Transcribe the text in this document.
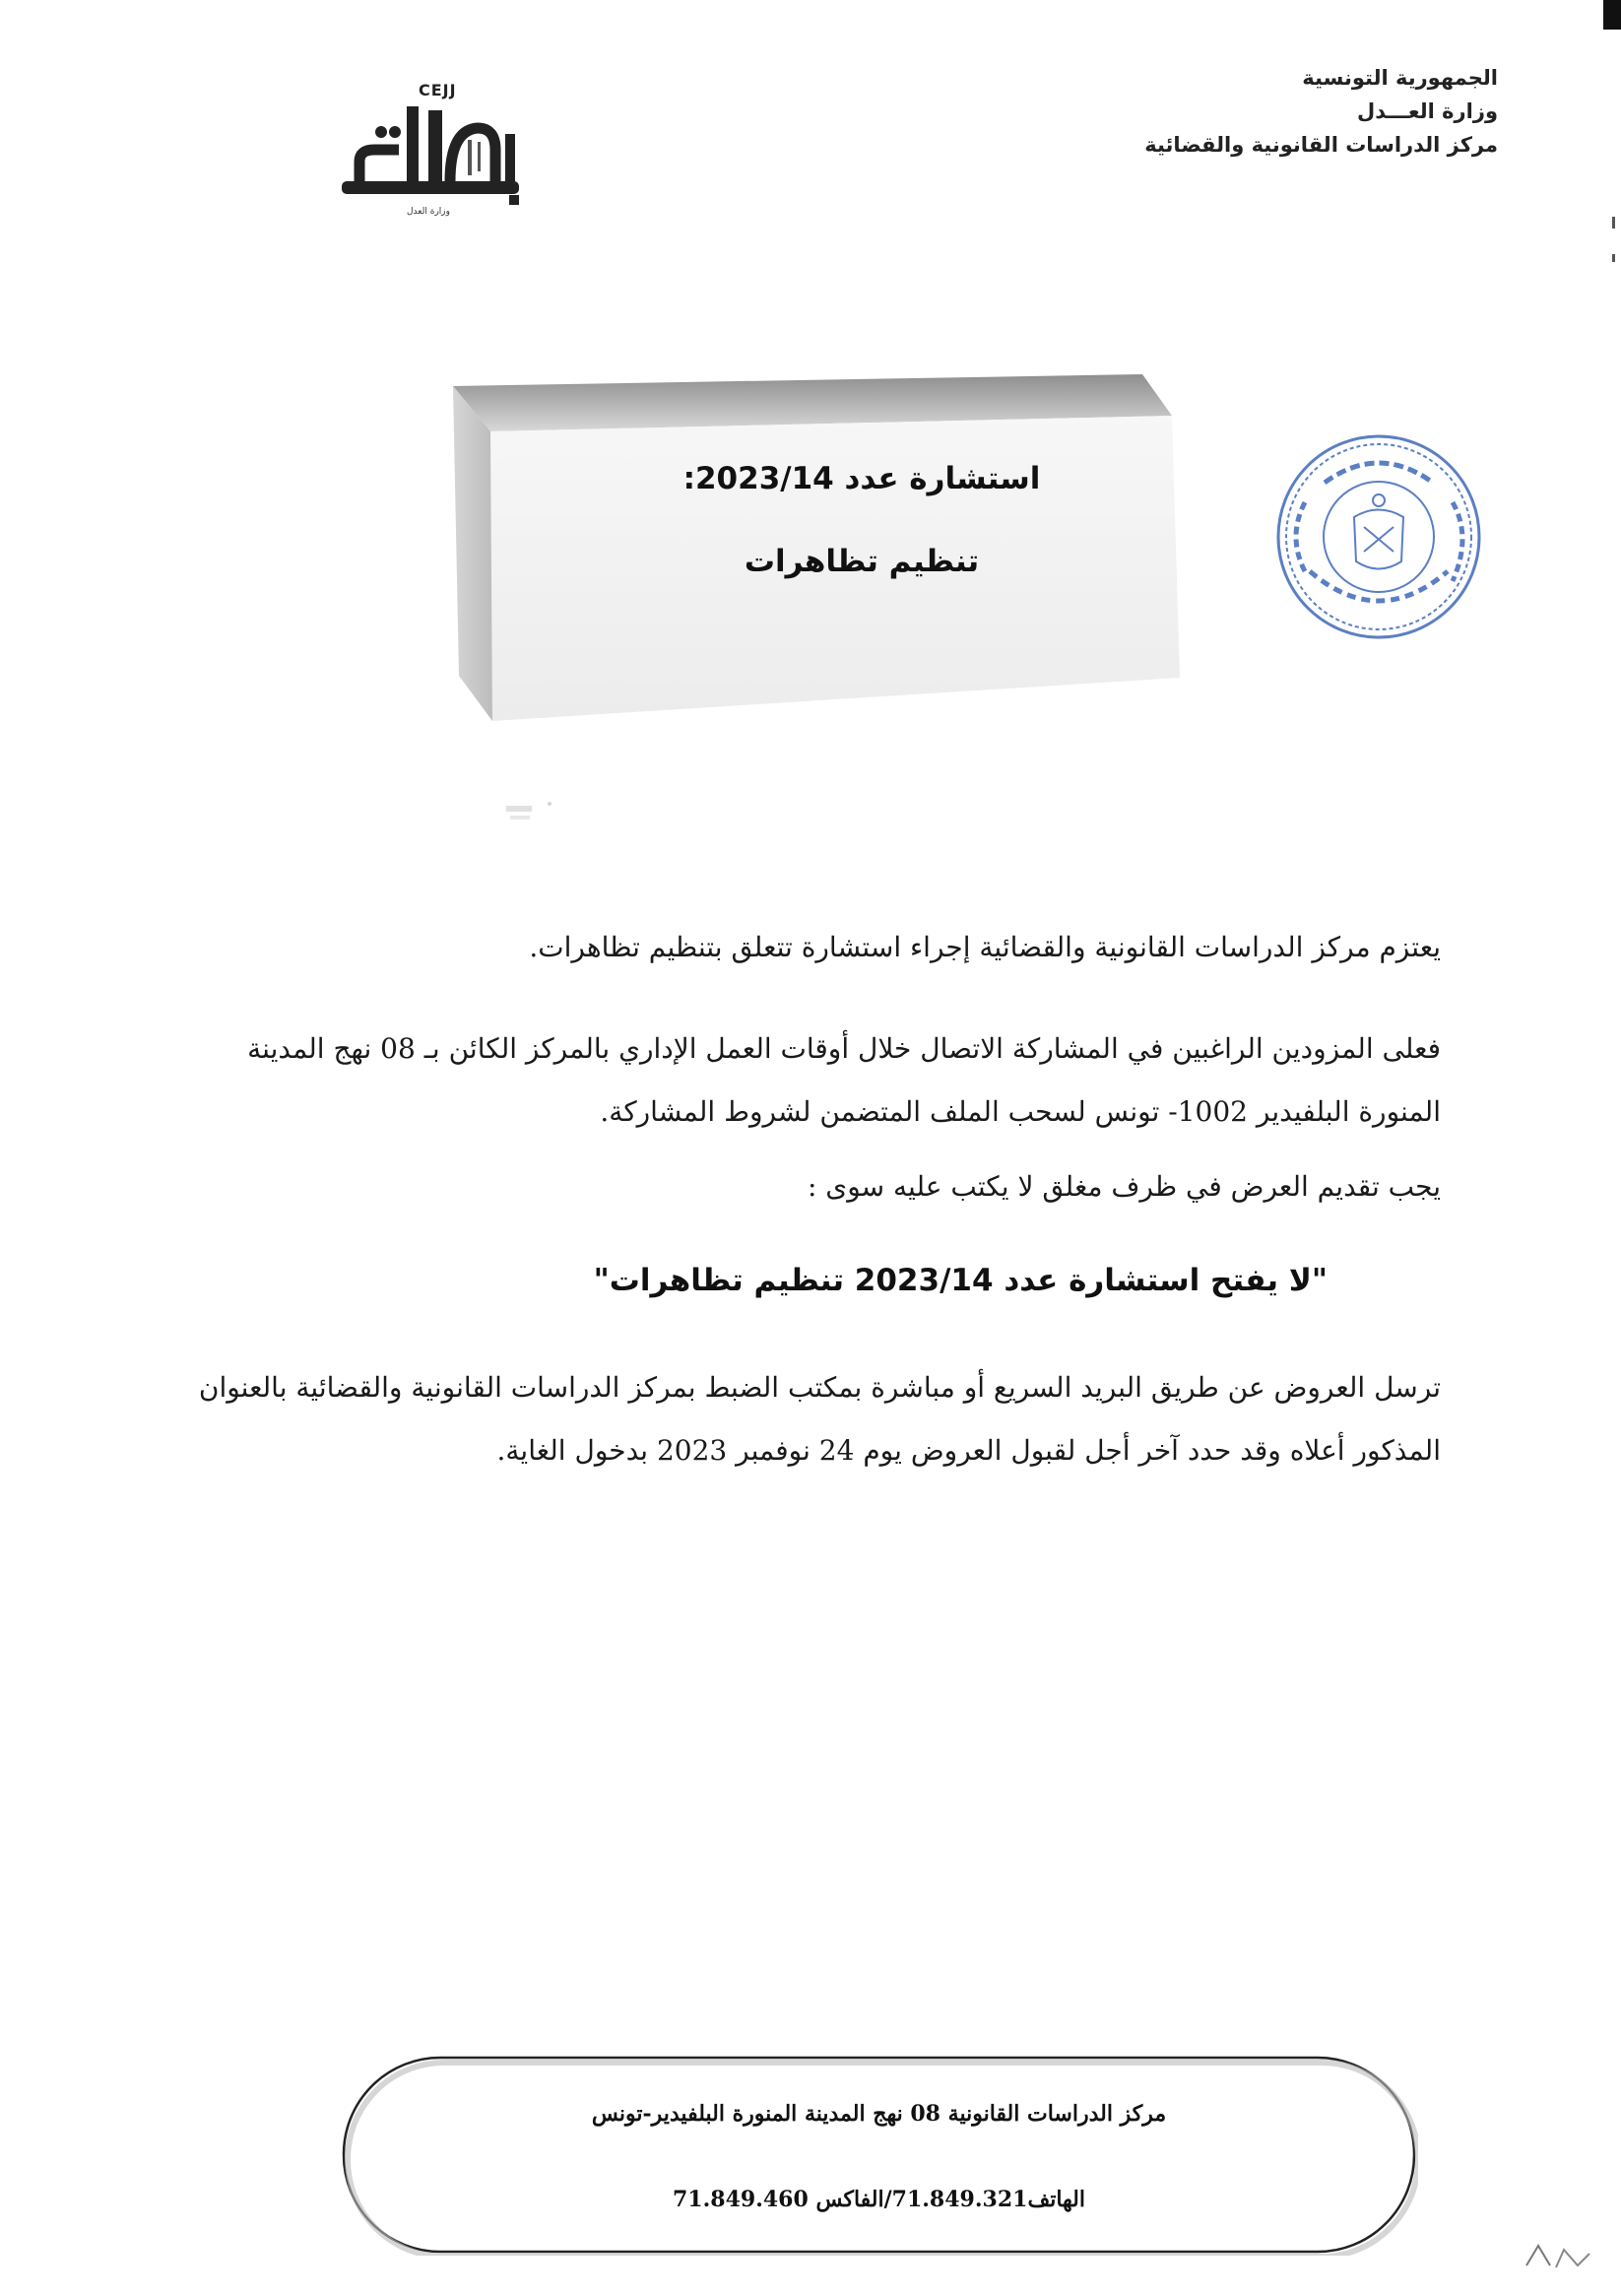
الجمهورية التونسية
وزارة العـــدل
مركز الدراسات القانونية والقضائية
CEJJ
وزارة العدل
استشارة عدد 2023/14:
تنظيم تظاهرات
يعتزم مركز الدراسات القانونية والقضائية إجراء استشارة تتعلق بتنظيم تظاهرات.
فعلى المزودين الراغبين في المشاركة الاتصال خلال أوقات العمل الإداري بالمركز الكائن بـ 08 نهج المدينة المنورة البلفيدير 1002- تونس لسحب الملف المتضمن لشروط المشاركة.
يجب تقديم العرض في ظرف مغلق لا يكتب عليه سوى :
"لا يفتح استشارة عدد 2023/14 تنظيم تظاهرات"
ترسل العروض عن طريق البريد السريع أو مباشرة بمكتب الضبط بمركز الدراسات القانونية والقضائية بالعنوان المذكور أعلاه وقد حدد آخر أجل لقبول العروض يوم 24 نوفمبر 2023 بدخول الغاية.
مركز الدراسات القانونية 08 نهج المدينة المنورة البلفيدير-تونس
الهاتف71.849.321/الفاكس 71.849.460
